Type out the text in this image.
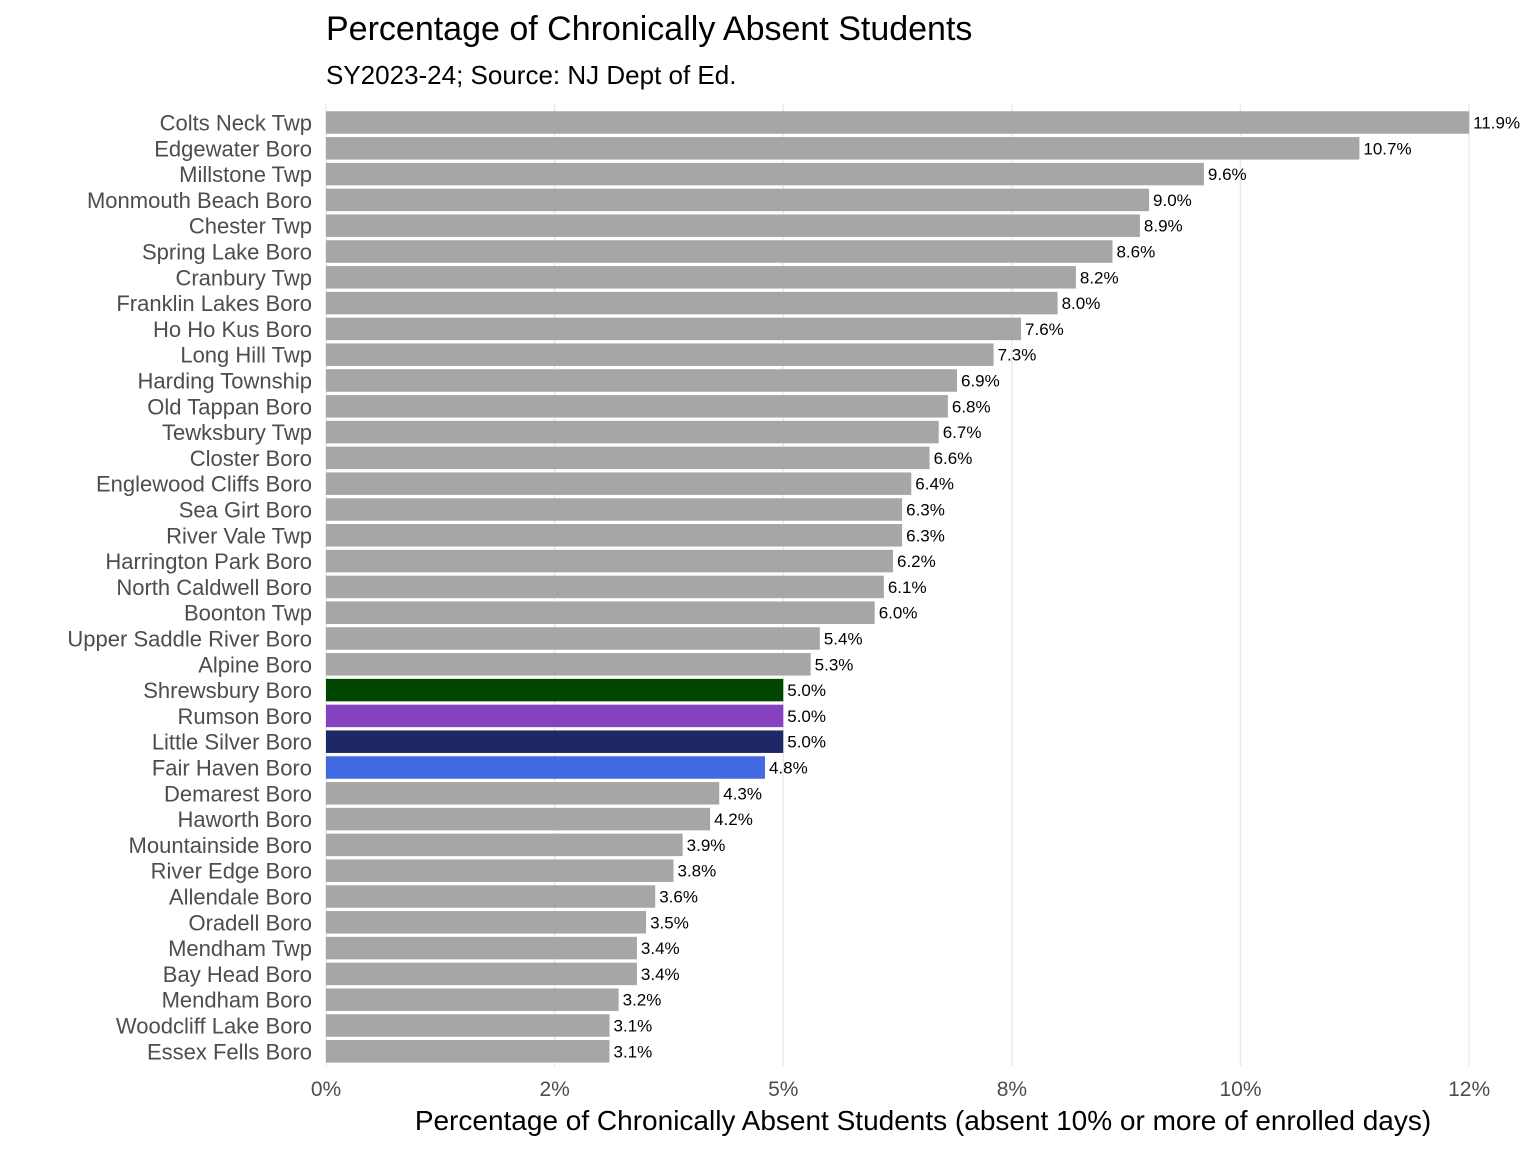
Percentage of Chronically Absent Students
SY2023-24; Source: NJ Dept of Ed.
Colts Neck Twp
Edgewater Boro
Millstone Twp
Monmouth Beach Boro
Chester Twp
Spring Lake Boro
Cranbury Twp
Franklin Lakes Boro
Ho Ho Kus Boro
Long Hill Twp
Harding Township
Old Tappan Boro
Tewksbury Twp
Closter Boro
Englewood Cliffs Boro
Sea Girt Boro
River Vale Twp
Harrington Park Boro
North Caldwell Boro
Boonton Twp
Upper Saddle River Boro
Alpine Boro
Shrewsbury Boro
Rumson Boro
Little Silver Boro
Fair Haven Boro
Demarest Boro
Haworth Boro
Mountainside Boro
River Edge Boro
Allendale Boro
Oradell Boro
Mendham Twp
Bay Head Boro
Mendham Boro
Woodcliff Lake Boro
Essex Fells Boro
11.9%
10.7%
9.6%
9.0%
8.9%
8.6%
8.2%
8.0%
7.6%
7.3%
6.9%
6.8%
6.7%
6.6%
6.4%
6.3%
6.3%
6.2%
6.1%
6.0%
5.4%
5.3%
5.0%
5.0%
5.0%
4.8%
4.3%
4.2%
3.9%
3.8%
3.6%
3.5%
3.4%
3.4%
3.2%
3.1%
3.1%
0%	2%	5%	8%	10%	12%
Percentage of Chronically Absent Students (absent 10% or more of enrolled days)
